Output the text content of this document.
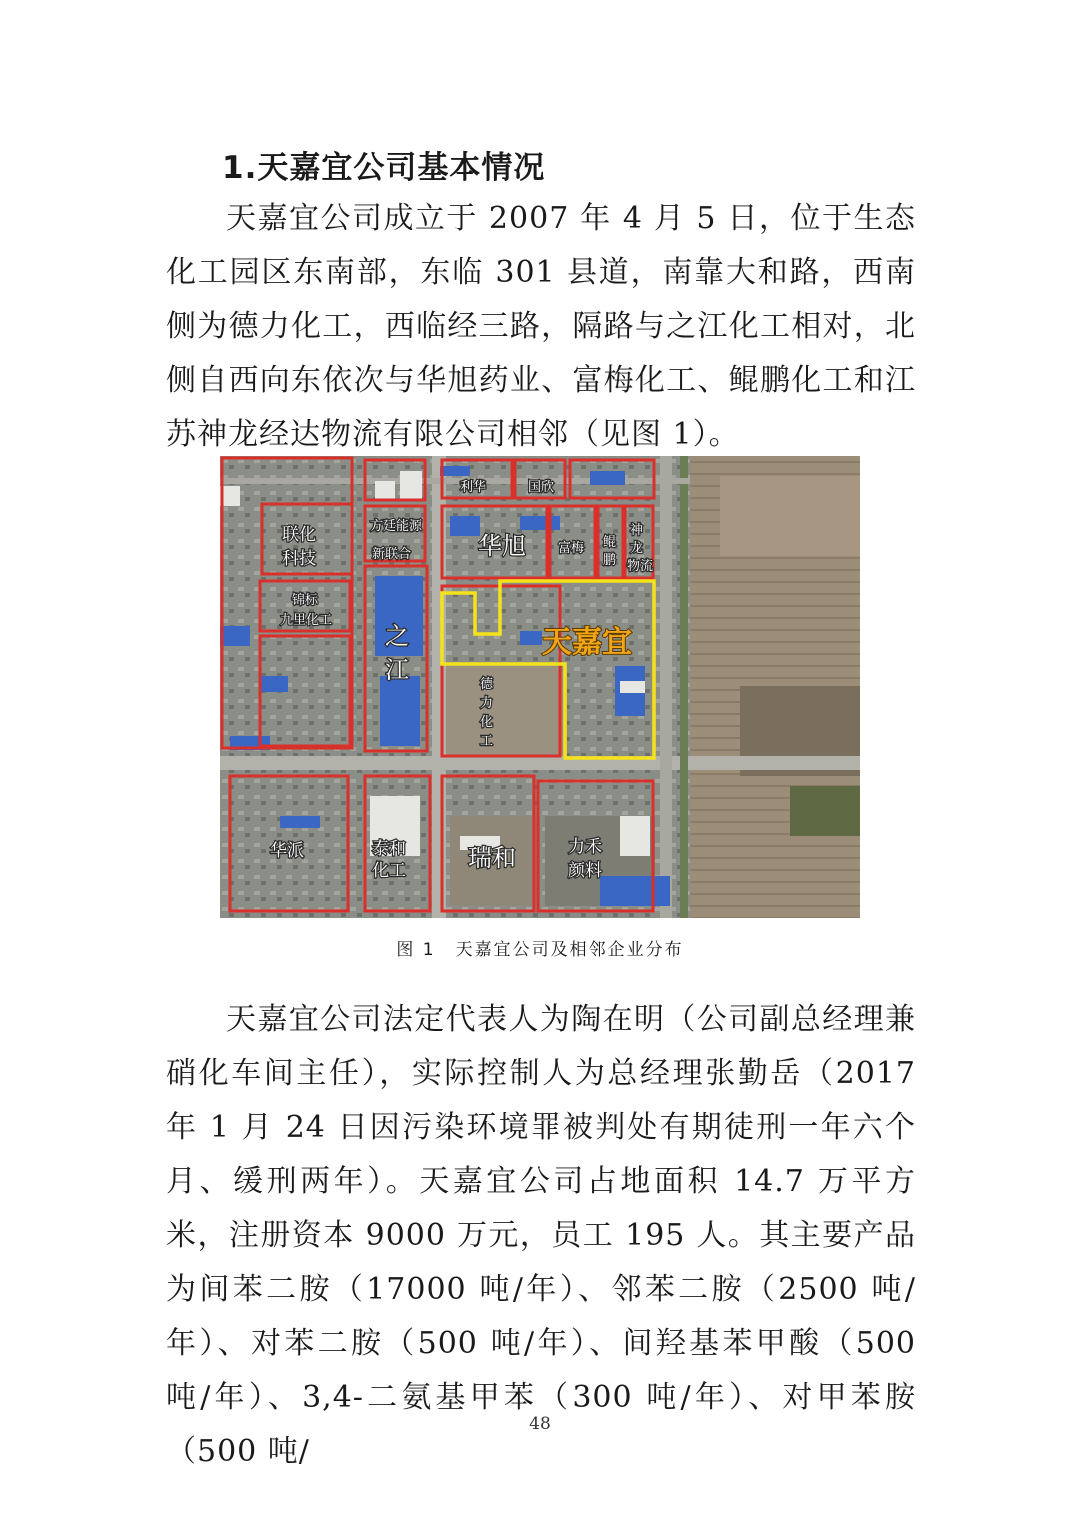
1.天嘉宜公司基本情况

天嘉宜公司成立于 2007 年 4 月 5 日，位于生态化工园区东南部，东临 301 县道，南靠大和路，西南侧为德力化工，西临经三路，隔路与之江化工相对，北侧自西向东依次与华旭药业、富梅化工、鲲鹏化工和江苏神龙经达物流有限公司相邻（见图 1）。

利华	国欣
联化
科技
方廷能源
新联合	华旭 富梅 鲲
鹏
神
龙
物流
锦标
九里化工
之
江
天嘉宜
德
力
化
工
华派	泰和
化工	瑞和	力禾
颜料
图 1 天嘉宜公司及相邻企业分布

天嘉宜公司法定代表人为陶在明（公司副总经理兼硝化车间主任），实际控制人为总经理张勤岳（2017 年 1 月 24 日因污染环境罪被判处有期徒刑一年六个月、缓刑两年）。天嘉宜公司占地面积 14.7 万平方米，注册资本 9000 万元，员工 195 人。其主要产品为间苯二胺（17000 吨/年）、邻苯二胺（2500 吨/年）、对苯二胺（500 吨/年）、间羟基苯甲酸（500 吨/年）、3,4-二氨基甲苯（300 吨/年）、对甲苯胺（500 吨/

48
